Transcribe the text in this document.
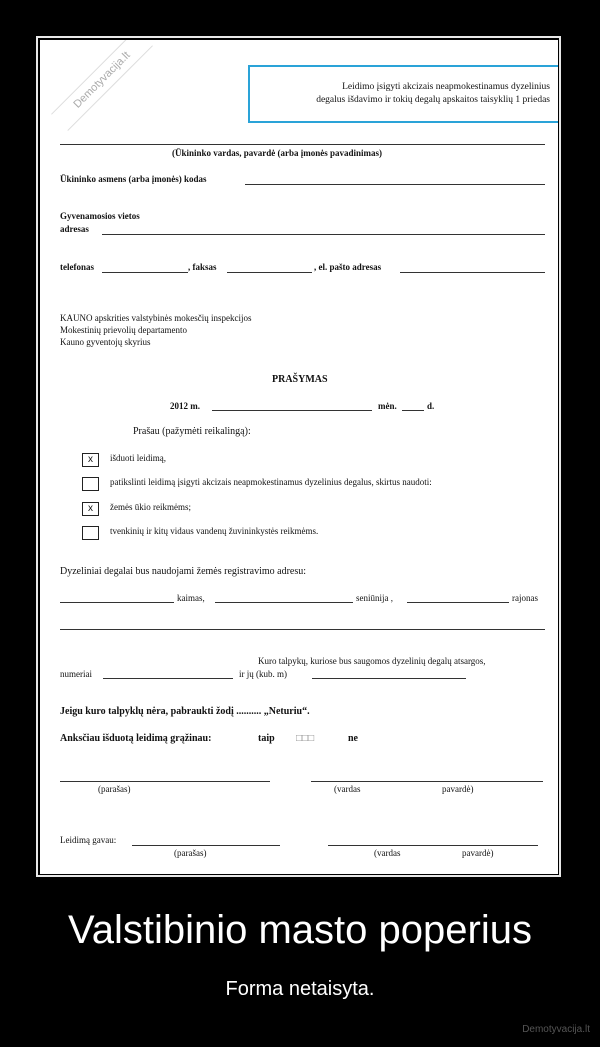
Demotyvacija.lt	Leidimo įsigyti akcizais neapmokestinamus dyzelinius
degalus išdavimo ir tokių degalų apskaitos taisyklių 1 priedas
(Ūkininko vardas, pavardė (arba įmonės pavadinimas)
Ūkininko asmens (arba įmonės) kodas
Gyvenamosios vietos
adresas
telefonas	, faksas	, el. pašto adresas
KAUNO apskrities valstybinės mokesčių inspekcijos
Mokestinių prievolių departamento
Kauno gyventojų skyrius
PRAŠYMAS
2012 m.	mėn.	d.
Prašau (pažymėti reikalingą):
x	išduoti leidimą,
patikslinti leidimą įsigyti akcizais neapmokestinamus dyzelinius degalus, skirtus naudoti:
x	žemės ūkio reikmėms;
tvenkinių ir kitų vidaus vandenų žuvininkystės reikmėms.
Dyzeliniai degalai bus naudojami žemės registravimo adresu:
kaimas,	seniūnija ,	rajonas
Kuro talpykų, kuriose bus saugomos dyzelinių degalų atsargos,
numeriai	ir jų (kub. m)
Jeigu kuro talpyklų nėra, pabraukti žodį .......... „Neturiu“.
Anksčiau išduotą leidimą grąžinau:	taip □□□	ne
(parašas)	(vardas	pavardė)
Leidimą gavau:
(parašas)	(vardas	pavardė)
Valstibinio masto poperius
Forma netaisyta.
Demotyvacija.lt
